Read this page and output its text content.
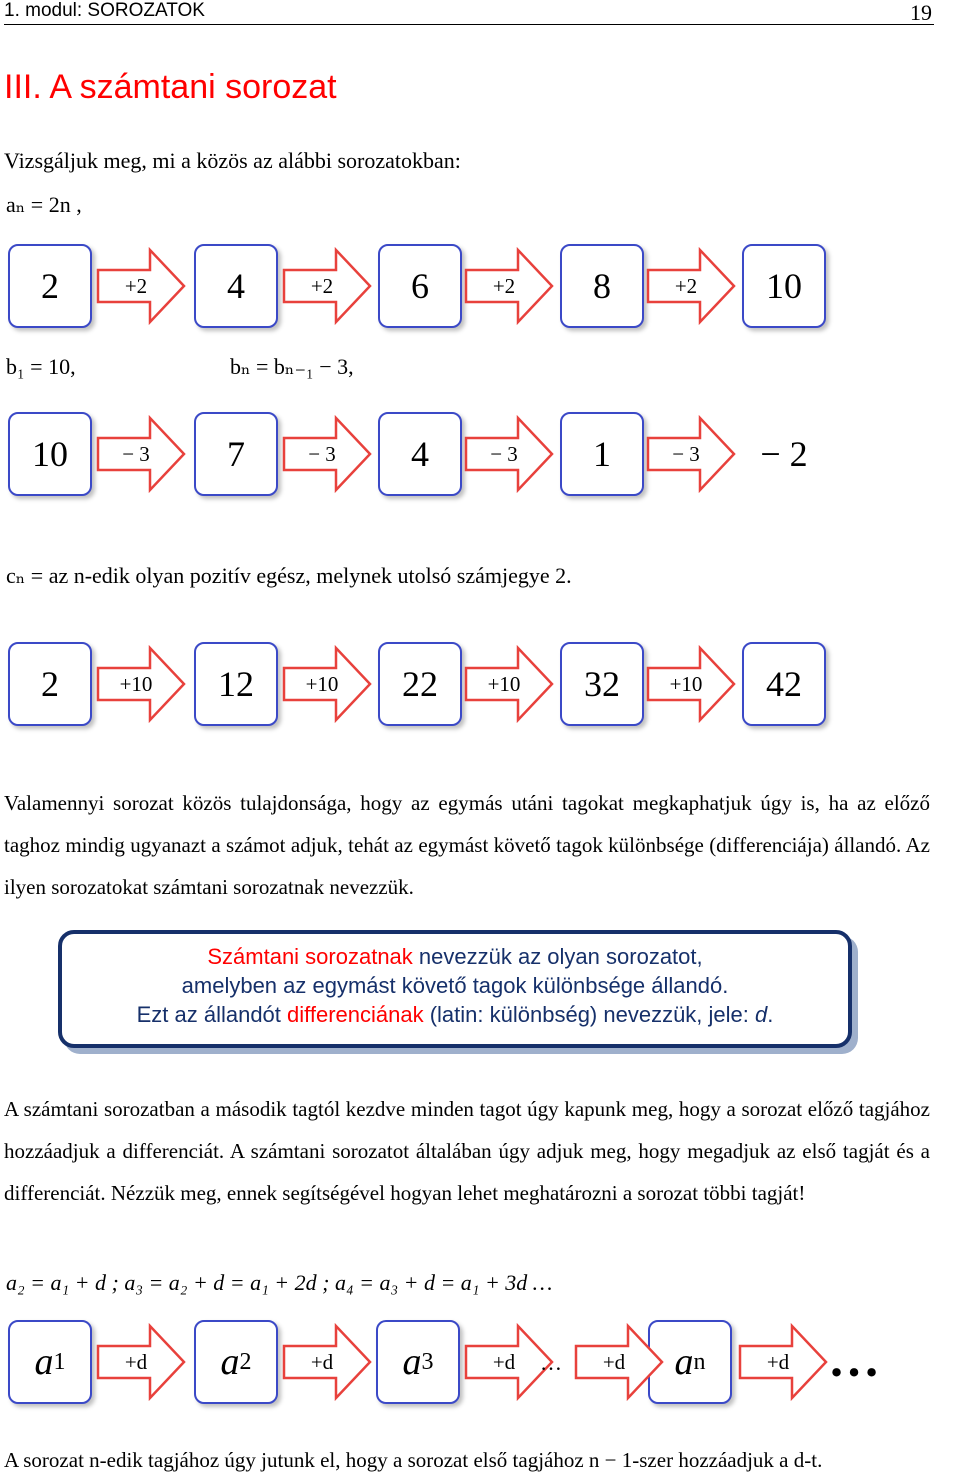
1. modul: SOROZATOK	19
III. A számtani sorozat
Vizsgáljuk meg, mi a közös az alábbi sorozatokban:
aₙ = 2n ,
2	4	6	8	10
+2	+2	+2	+2
b₁ = 10,	bₙ = bₙ₋₁ − 3,
10	7	4	1	− 2
− 3	− 3	− 3	− 3
cₙ = az n-edik olyan pozitív egész, melynek utolsó számjegye 2.
2	12	22	32	42
+10	+10	+10	+10
Valamennyi sorozat közös tulajdonsága, hogy az egymás utáni tagokat megkaphatjuk úgy is, ha az előző taghoz mindig ugyanazt a számot adjuk, tehát az egymást követő tagok különbsége (differenciája) állandó. Az ilyen sorozatokat számtani sorozatnak nevezzük.
Számtani sorozatnak nevezzük az olyan sorozatot,
amelyben az egymást követő tagok különbsége állandó.
Ezt az állandót differenciának (latin: különbség) nevezzük, jele: d.
A számtani sorozatban a második tagtól kezdve minden tagot úgy kapunk meg, hogy a sorozat előző tagjához hozzáadjuk a differenciát. A számtani sorozatot általában úgy adjuk meg, hogy megadjuk az első tagját és a differenciát. Nézzük meg, ennek segítségével hogyan lehet meghatározni a sorozat többi tagját!
a₂ = a₁ + d ; a₃ = a₂ + d = a₁ + 2d ; a₄ = a₃ + d = a₁ + 3d …
a 1	a 2	a 3	a n
+d	+d	+d	+d	+d
…	…
A sorozat n-edik tagjához úgy jutunk el, hogy a sorozat első tagjához n − 1-szer hozzáadjuk a d-t.
